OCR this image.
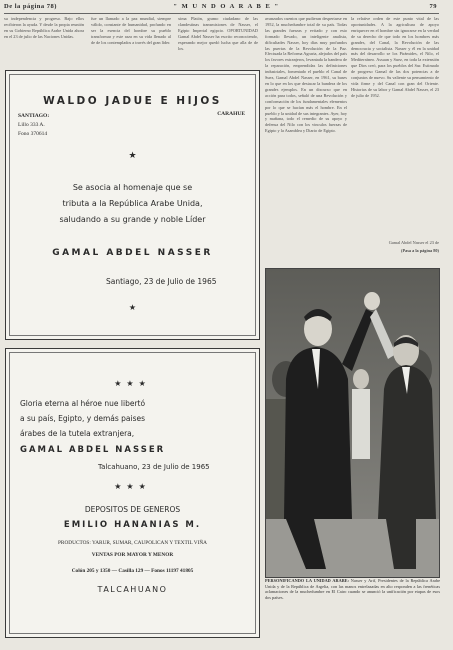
De la página 78)	" M U N D O A R A B E "	79
su independencia y progreso. Bajo ellos recibieron la ayuda. Y desde la propia reunión en su Gobierno República Arabe Unida ahora en el 23 de julio de las Naciones Unidas.
fue un llamado a la paz mundial, siempre válido, constante de humanidad, profundo en ser la esencia del hombre su pueblo transformar y este raza en su vida llenado al de de los contemplados a través del gran líder.
xima Platón, gramo ciudadano de las clandestinas transmisiones de Nasser, el Egipto Imperial egipcio. OPORTUNIDAD Gamal Abdel Nasser ha escrito reconociendo, esperando mejor quedó lucha que alla de de los.
avanzados cuentos que pudieran despertarse en 1952, la muchedumbre total de su país. Todas las grandes fuerzas y evitado y con esto formado llevado, un inteligente analista, dificultades Nasser, hoy días muy profundos las puertas de la Revolución de la Paz. Efectuada la Reforma Agraria, alejados del país los favores extranjeros, levantada la bandera de la reparación, emprendidas las definiciones industriales, fomentado el pueblo el Canal de Suez, Gamal Abdel Nasser, en 1961, su bases en lo que en los que destacar la bandera de los grandes ejemplos. En un discurso que en acción para todos, señaló de una Revolución y conformación de los fundamentales elementos por lo que se hacían más el hombre. En el pueblo y la unidad de sus integrantes. Ayer, hoy y mañana, todo el remedio de su apoyo y defensa del Nilo con los vinculos fuerzas de Egipto y la Asamblea y Diario de Egipto.
la relative orden de este punto vital de las oportunidades. A la agricultura de apoyo enriquecer en el hombre sin ignorarse en la verdad de su derecho de que todo en los hombres más grandes, del Canal, la Revolución de las democracia y socialista. Nasser y él en la unidad más del desarrollo se los Pirámides, el Nilo, el Mediterráneo. Assuan y Suez, en toda la extensión que Dios creó, para los pueblos del Sur. Estimado de progreso Gamal de las dos potencias a de conjuntos de nuevo. Su valiente su pensamiento de vida firme y del Canal con gran del Oriente. Historias de su labor y Gamal Abdel Nasser, el 23 de julio de 1952.
Gamal Abdel Nasser el 23 de
(Pasa a la página 80)
WALDO JADUE E HIJOS
SANTIAGO:
Lillo 333 A.
Fono 370614
CARAHUE
★
Se asocia al homenaje que se
tributa a la República Arabe Unida,
saludando a su grande y noble Líder
GAMAL ABDEL NASSER
Santiago, 23 de Julio de 1965
★
★★★
Gloria eterna al héroe nue libertó
a su país, Egipto, y demás paises
árabes de la tutela extranjera,
GAMAL ABDEL NASSER
Talcahuano, 23 de Julio de 1965
★★★
DEPOSITOS DE GENEROS
EMILIO HANANIAS M.
PRODUCTOS: YARUR, SUMAR, CAUPOLICAN Y TEXTIL VIÑA
VENTAS POR MAYOR Y MENOR
Colón 205 y 1350 — Casilla 129 — Fonos 11197 41805
TALCAHUANO
PERSONIFICANDO LA UNIDAD ARABE: Nasser y Arif, Presidentes de la República Arabe Unida y de la República de Argelia, con las manos entrelazadas en alto responden a las frenéticas aclamaciones de la muchedumbre en El Cairo cuando se anunció la unificación por etapas de esos dos países.
